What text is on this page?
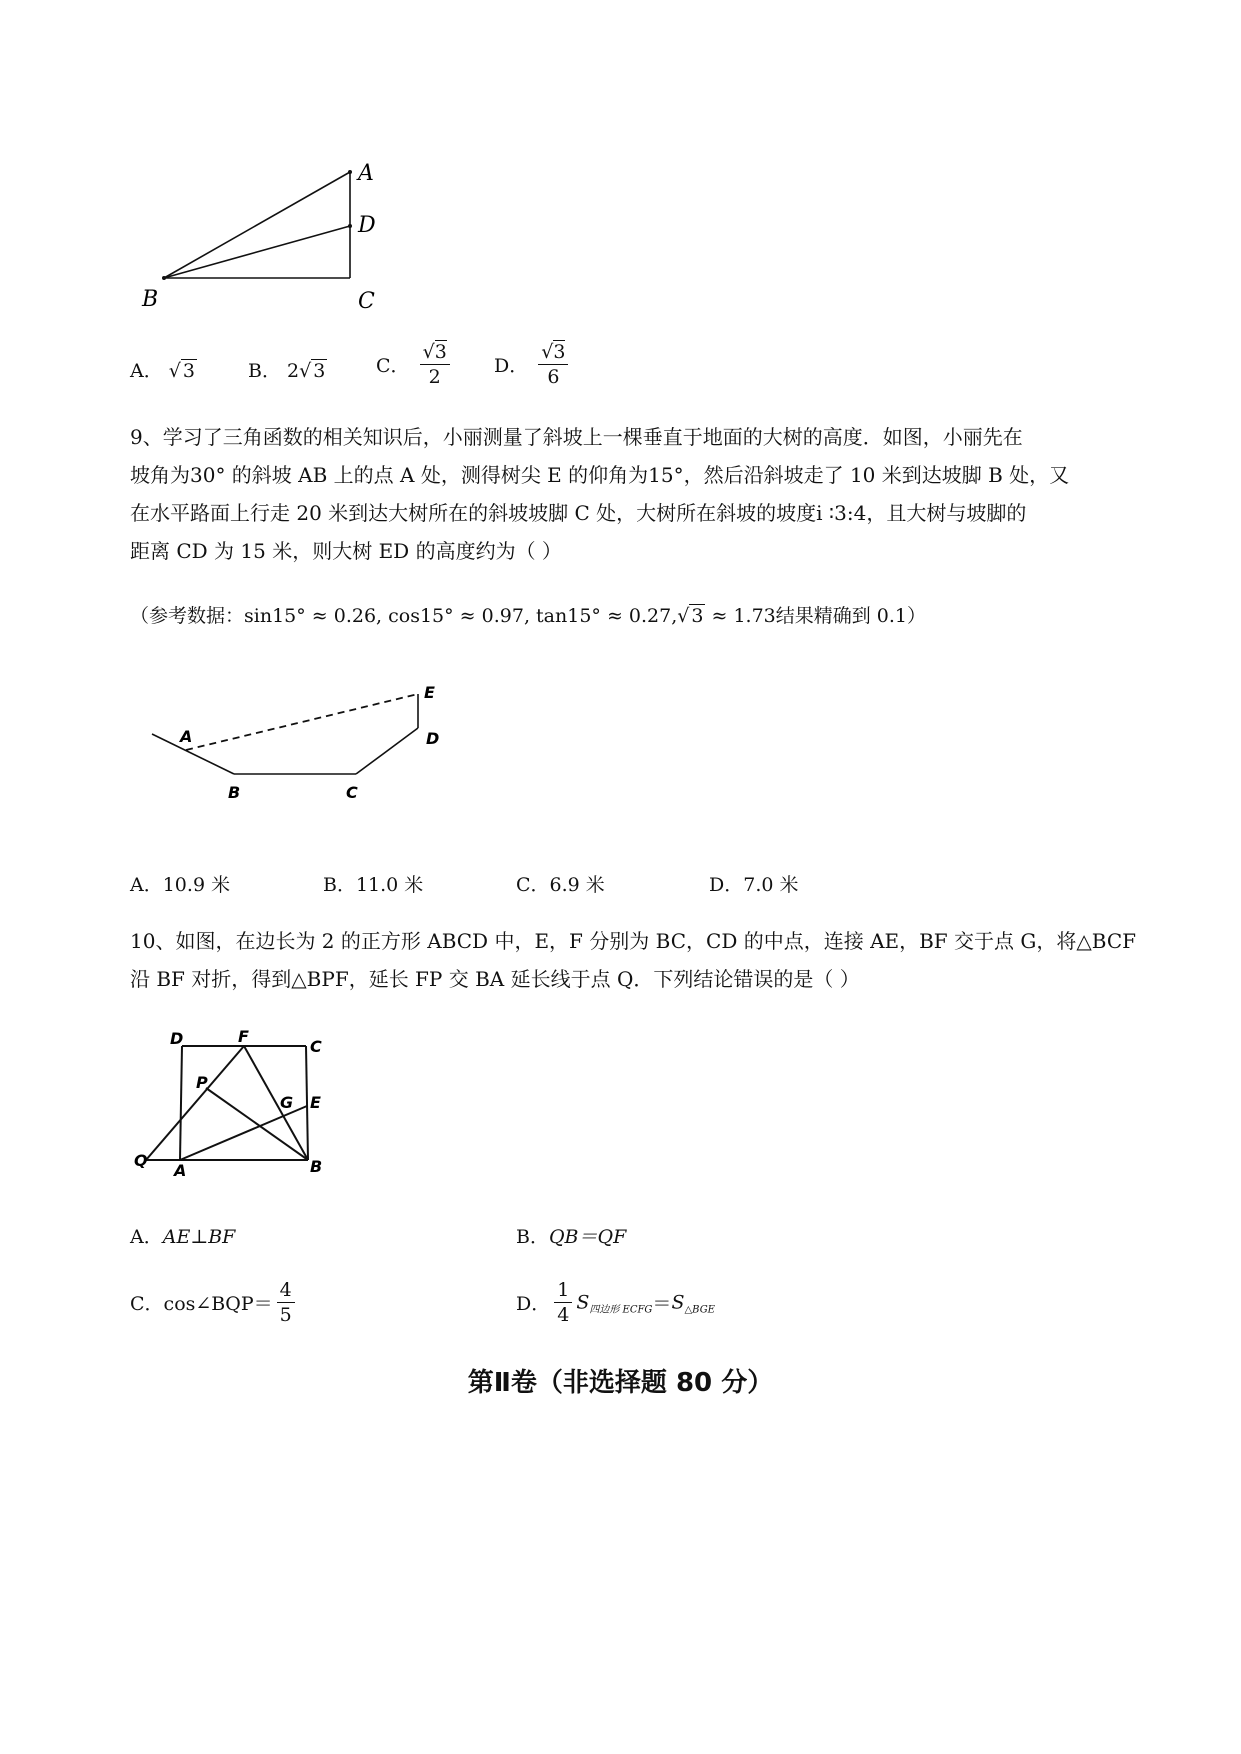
A
D
B	C
A． √ 3	B． 2√ 3	C． $\frac{√3}{2}$ D． $\frac{√3}{6}$
9、学习了三角函数的相关知识后，小丽测量了斜坡上一棵垂直于地面的大树的高度．如图，小丽先在
坡角为30° 的斜坡 AB 上的点 A 处，测得树尖 E 的仰角为15°，然后沿斜坡走了 10 米到达坡脚 B 处，又
在水平路面上行走 20 米到达大树所在的斜坡坡脚 C 处，大树所在斜坡的坡度i ∶3:4，且大树与坡脚的
距离 CD 为 15 米，则大树 ED 的高度约为（ ）
（参考数据：sin15° ≈ 0.26, cos15° ≈ 0.97, tan15° ≈ 0.27,√ 3 ≈ 1.73结果精确到 0.1）
A
B	C
D
E
A．10.9 米	B．11.0 米	C．6.9 米	D．7.0 米
10、如图，在边长为 2 的正方形 ABCD 中，E，F 分别为 BC，CD 的中点，连接 AE，BF 交于点 G，将△BCF
沿 BF 对折，得到△BPF，延长 FP 交 BA 延长线于点 Q．下列结论错误的是（ ）
D	F
C
P
G E
Q
A	B
A．AE⊥BF	B．QB＝QF
C．cos∠BQP＝ $\frac{4}{5}$	D． $\frac{1}{4} S_{四边形 ECFG}=S_{\triangle BGE}$
第Ⅱ卷（非选择题 80 分）
